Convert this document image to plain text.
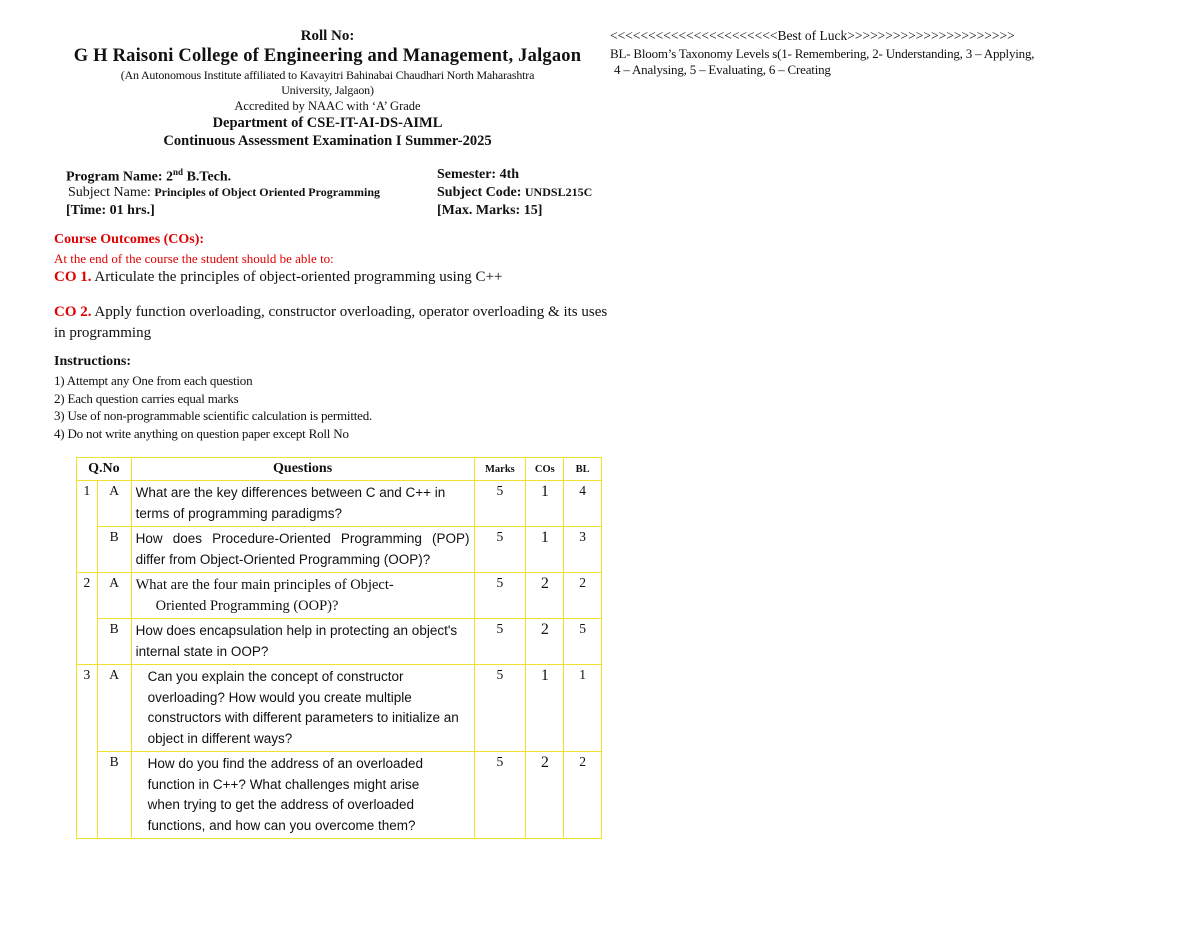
Roll No:
G H Raisoni College of Engineering and Management, Jalgaon
(An Autonomous Institute affiliated to Kavayitri Bahinabai Chaudhari North Maharashtra
University, Jalgaon)
Accredited by NAAC with ‘A’ Grade
Department of CSE-IT-AI-DS-AIML
Continuous Assessment Examination I Summer-2025
Program Name: 2nd B.Tech.	Semester: 4th
Subject Name: Principles of Object Oriented Programming	Subject Code: UNDSL215C
[Time: 01 hrs.]	[Max. Marks: 15]
Course Outcomes (COs):
At the end of the course the student should be able to:
CO 1. Articulate the principles of object-oriented programming using C++
CO 2. Apply function overloading, constructor overloading, operator overloading & its uses in programming
Instructions:
1) Attempt any One from each question
2) Each question carries equal marks
3) Use of non-programmable scientific calculation is permitted.
4) Do not write anything on question paper except Roll No
<<<<<<<<<<<<<<<<<<<<<<Best of Luck>>>>>>>>>>>>>>>>>>>>>>
BL- Bloom’s Taxonomy Levels s(1- Remembering, 2- Understanding, 3 – Applying,
4 – Analysing, 5 – Evaluating, 6 – Creating
Q.No		Questions	Marks	COs	BL
1	A	What are the key differences between C and C++ in terms of programming paradigms?	5	1	4
	B	How does Procedure-Oriented Programming (POP) differ from Object-Oriented Programming (OOP)?	5	1	3
2	A	What are the four main principles of Object-
Oriented Programming (OOP)?	5	2	2
	B	How does encapsulation help in protecting an object's internal state in OOP?	5	2	5
3	A	Can you explain the concept of constructor overloading? How would you create multiple constructors with different parameters to initialize an object in different ways?	5	1	1
	B	How do you find the address of an overloaded function in C++? What challenges might arise when trying to get the address of overloaded functions, and how can you overcome them?	5	2	2
